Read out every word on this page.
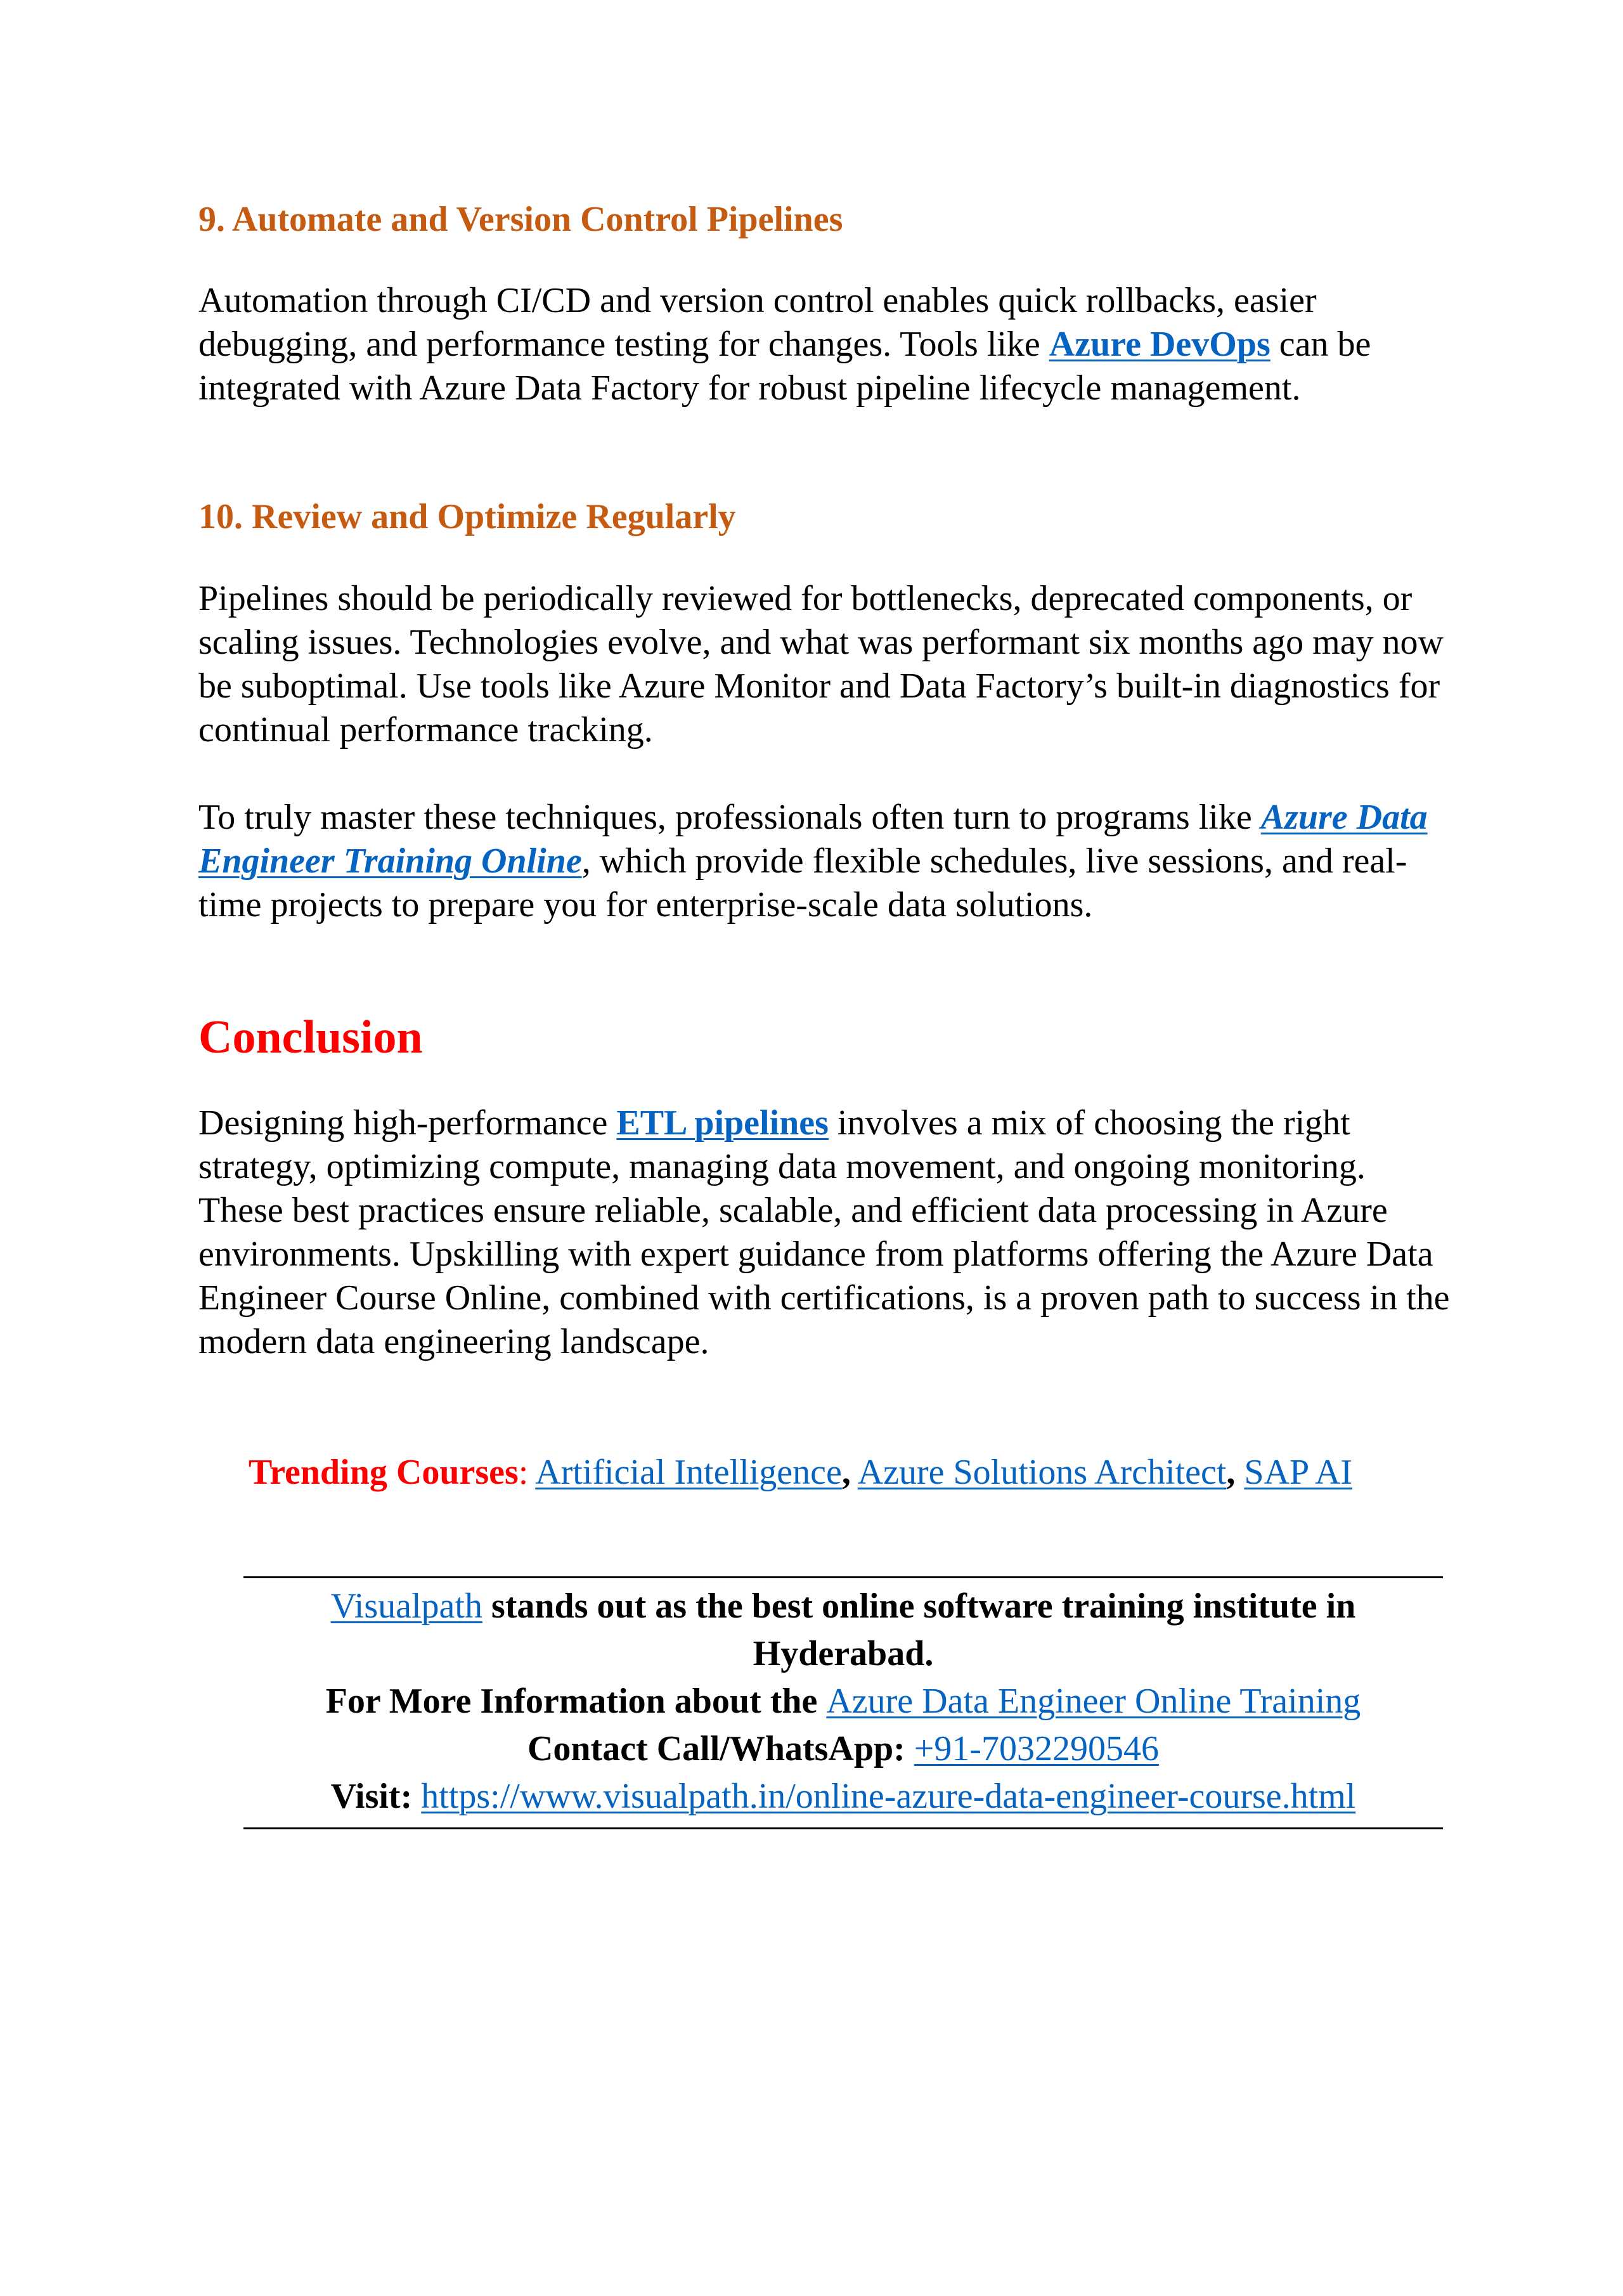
9. Automate and Version Control Pipelines

Automation through CI/CD and version control enables quick rollbacks, easier debugging, and performance testing for changes. Tools like Azure DevOps can be integrated with Azure Data Factory for robust pipeline lifecycle management.

10. Review and Optimize Regularly

Pipelines should be periodically reviewed for bottlenecks, deprecated components, or scaling issues. Technologies evolve, and what was performant six months ago may now be suboptimal. Use tools like Azure Monitor and Data Factory’s built-in diagnostics for continual performance tracking.

To truly master these techniques, professionals often turn to programs like Azure Data Engineer Training Online, which provide flexible schedules, live sessions, and real-time projects to prepare you for enterprise-scale data solutions.

Conclusion

Designing high-performance ETL pipelines involves a mix of choosing the right strategy, optimizing compute, managing data movement, and ongoing monitoring. These best practices ensure reliable, scalable, and efficient data processing in Azure environments. Upskilling with expert guidance from platforms offering the Azure Data Engineer Course Online, combined with certifications, is a proven path to success in the modern data engineering landscape.

Trending Courses: Artificial Intelligence, Azure Solutions Architect, SAP AI

Visualpath stands out as the best online software training institute in Hyderabad.
For More Information about the Azure Data Engineer Online Training
Contact Call/WhatsApp: +91-7032290546
Visit: https://www.visualpath.in/online-azure-data-engineer-course.html
